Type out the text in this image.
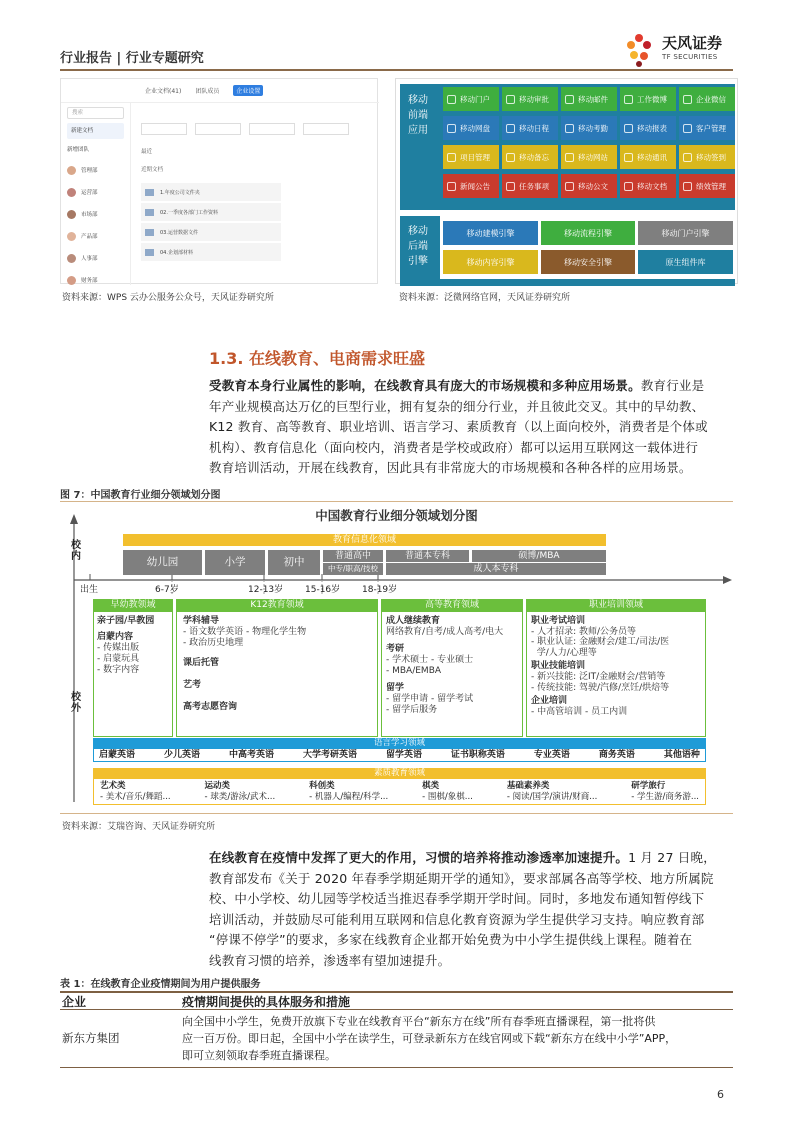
行业报告 | 行业专题研究
天风证券
TF SECURITIES
企业文档(41) 团队成员	企业设置
搜索
新建文档
新增团队
管理部
运营部
市场部
产品部
人事部
财务部
最近
近期文档
1.年度公司文件夹
02.一季度各部门工作资料
03.运营数据文件
04.企划部材料
资料来源：WPS 云办公服务公众号，天风证券研究所
移动
前端
应用
移动门户	移动审批	移动邮件	工作微博	企业微信
移动网盘	移动日程	移动考勤	移动报表	客户管理
项目管理	移动备忘	移动网站	移动通讯	移动签到
新闻公告	任务事项	移动公文	移动文档	绩效管理
移动
后端
引擎
移动建模引擎	移动流程引擎	移动门户引擎
移动内容引擎	移动安全引擎	原生组件库
资料来源：泛微网络官网，天风证券研究所
1.3. 在线教育、电商需求旺盛
受教育本身行业属性的影响，在线教育具有庞大的市场规模和多种应用场景。教育行业是
年产业规模高达万亿的巨型行业，拥有复杂的细分行业，并且彼此交叉。其中的早幼教、
K12 教育、高等教育、职业培训、语言学习、素质教育（以上面向校外，消费者是个体或
机构）、教育信息化（面向校内，消费者是学校或政府）都可以运用互联网这一载体进行
教育培训活动，开展在线教育，因此具有非常庞大的市场规模和各种各样的应用场景。
图 7：中国教育行业细分领域划分图
中国教育行业细分领域划分图
校内
校外
教育信息化领域
幼儿园	小学	初中	普通高中
中专/职高/技校
普通本专科	硕博/MBA
成人本专科
出生	6-7岁	12-13岁 15-16岁 18-19岁
早幼教领域	K12教育领域	高等教育领域	职业培训领域
亲子园/早教园
启蒙内容
- 传媒出版
- 启蒙玩具
- 数字内容
学科辅导
- 语文数学英语 - 物理化学生物
- 政治历史地理
课后托管
艺考
高考志愿咨询
成人继续教育
网络教育/自考/成人高考/电大
考研
- 学术硕士 - 专业硕士
- MBA/EMBA
留学
- 留学申请 - 留学考试
- 留学后服务
职业考试培训
- 人才招录: 教师/公务员等
- 职业认证: 金融财会/建工/司法/医
学/人力/心理等
职业技能培训
- 新兴技能: 泛IT/金融财会/营销等
- 传统技能: 驾驶/汽修/烹饪/烘焙等
企业培训
- 中高管培训 - 员工内训
语言学习领域
启蒙英语	少儿英语	中高考英语	大学考研英语	留学英语	证书职称英语	专业英语	商务英语	其他语种
素质教育领域
艺术类
- 美术/音乐/舞蹈...
运动类
- 球类/游泳/武术...
科创类
- 机器人/编程/科学...
棋类
- 围棋/象棋...
基础素养类
- 阅读/国学/演讲/财商...
研学旅行
- 学生游/商务游...
资料来源：艾瑞咨询、天风证券研究所
在线教育在疫情中发挥了更大的作用，习惯的培养将推动渗透率加速提升。1 月 27 日晚，
教育部发布《关于 2020 年春季学期延期开学的通知》，要求部属各高等学校、地方所属院
校、中小学校、幼儿园等学校适当推迟春季学期开学时间。同时，多地发布通知暂停线下
培训活动，并鼓励尽可能利用互联网和信息化教育资源为学生提供学习支持。响应教育部
“停课不停学”的要求，多家在线教育企业都开始免费为中小学生提供线上课程。随着在
线教育习惯的培养，渗透率有望加速提升。
表 1：在线教育企业疫情期间为用户提供服务
企业	疫情期间提供的具体服务和措施
新东方集团
向全国中小学生，免费开放旗下专业在线教育平台“新东方在线”所有春季班直播课程，第一批将供
应一百万份。即日起，全国中小学在读学生，可登录新东方在线官网或下载“新东方在线中小学”APP，
即可立刻领取春季班直播课程。
6
